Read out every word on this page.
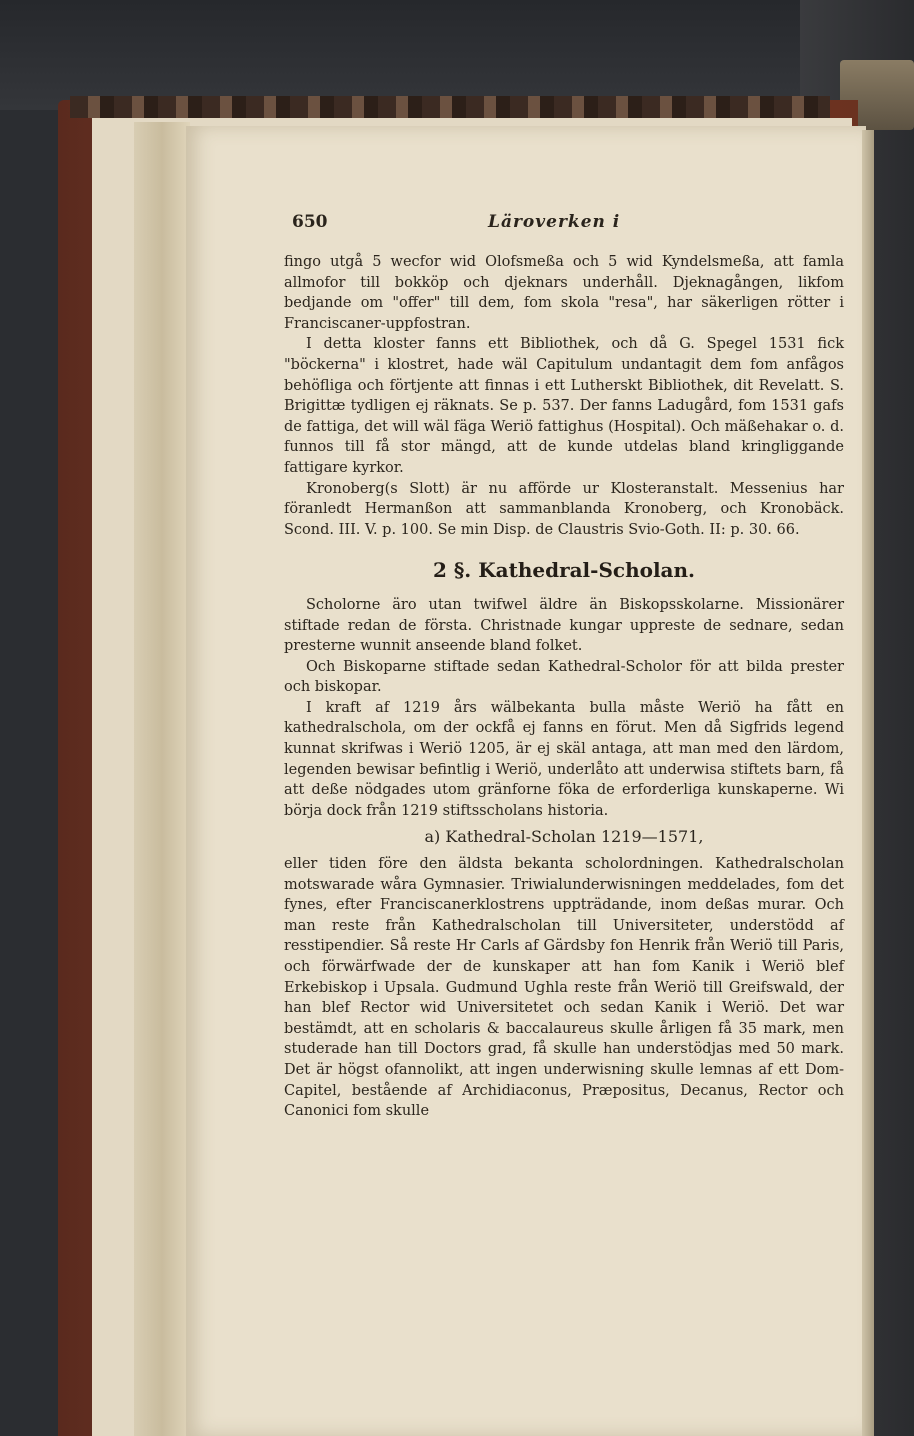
650	Läroverken i

fingo utgå 5 wecfor wid Olofsmeßa och 5 wid Kyndelsmeßa, att famla allmofor till bokköp och djeknars underhåll. Djeknagången, likfom bedjande om "offer" till dem, fom skola "resa", har säkerligen rötter i Franciscaner-uppfostran.

I detta kloster fanns ett Bibliothek, och då G. Spegel 1531 fick "böckerna" i klostret, hade wäl Capitulum undantagit dem fom anfågos behöfliga och förtjente att finnas i ett Lutherskt Bibliothek, dit Revelatt. S. Brigittæ tydligen ej räknats. Se p. 537. Der fanns Ladugård, fom 1531 gafs de fattiga, det will wäl fäga Weriö fattighus (Hospital). Och mäßehakar o. d. funnos till få stor mängd, att de kunde utdelas bland kringliggande fattigare kyrkor.

Kronoberg(s Slott) är nu afförde ur Klosteranstalt. Messenius har föranledt Hermanßon att sammanblanda Kronoberg, och Kronobäck. Scond. III. V. p. 100. Se min Disp. de Claustris Svio-Goth. II: p. 30. 66.

2 §. Kathedral-Scholan.

Scholorne äro utan twifwel äldre än Biskopsskolarne. Missionärer stiftade redan de första. Christnade kungar uppreste de sednare, sedan presterne wunnit anseende bland folket.

Och Biskoparne stiftade sedan Kathedral-Scholor för att bilda prester och biskopar.

I kraft af 1219 års wälbekanta bulla måste Weriö ha fått en kathedralschola, om der ockfå ej fanns en förut. Men då Sigfrids legend kunnat skrifwas i Weriö 1205, är ej skäl antaga, att man med den lärdom, legenden bewisar befintlig i Weriö, underlåto att underwisa stiftets barn, få att deße nödgades utom gränforne föka de erforderliga kunskaperne. Wi börja dock från 1219 stiftsscholans historia.

a) Kathedral-Scholan 1219—1571,

eller tiden före den äldsta bekanta scholordningen. Kathedralscholan motswarade wåra Gymnasier. Triwialunderwisningen meddelades, fom det fynes, efter Franciscanerklostrens uppträdande, inom deßas murar. Och man reste från Kathedralscholan till Universiteter, understödd af resstipendier. Så reste Hr Carls af Gärdsby fon Henrik från Weriö till Paris, och förwärfwade der de kunskaper att han fom Kanik i Weriö blef Erkebiskop i Upsala. Gudmund Ughla reste från Weriö till Greifswald, der han blef Rector wid Universitetet och sedan Kanik i Weriö. Det war bestämdt, att en scholaris & baccalaureus skulle årligen få 35 mark, men studerade han till Doctors grad, få skulle han understödjas med 50 mark. Det är högst ofannolikt, att ingen underwisning skulle lemnas af ett Dom-Capitel, bestående af Archidiaconus, Præpositus, Decanus, Rector och Canonici fom skulle
